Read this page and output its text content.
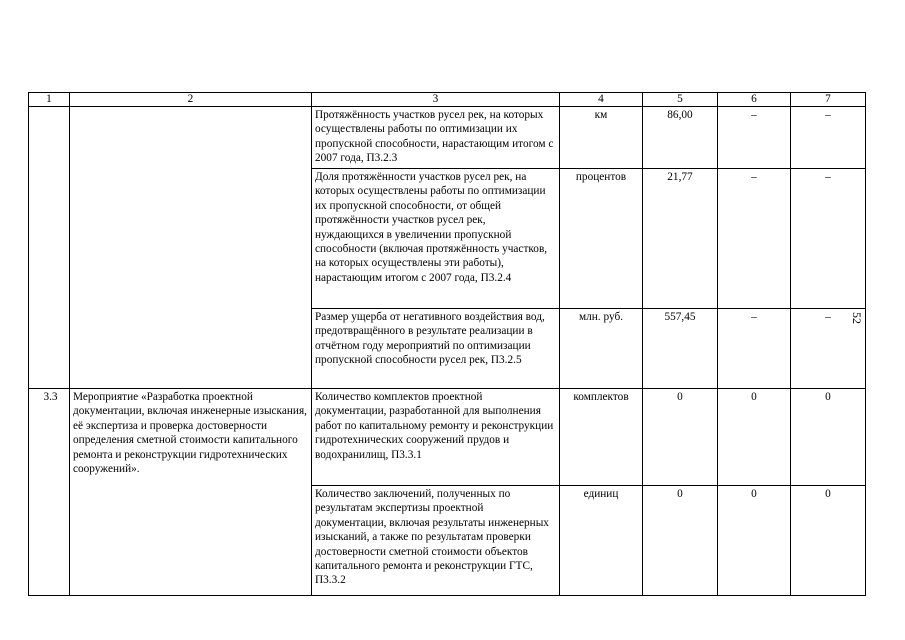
1	2	3	4	5	6	7
		Протяжённость участков русел рек, на которых осуществлены работы по оптимизации их пропускной способности, нарастающим итогом с 2007 года, П3.2.3	км	86,00	–	–
		Доля протяжённости участков русел рек, на которых осуществлены работы по оптимизации их пропускной способности, от общей протяжённости участков русел рек, нуждающихся в увеличении пропускной способности (включая протяжённость участков, на которых осуществлены эти работы), нарастающим итогом с 2007 года, П3.2.4	процентов	21,77	–	–
		Размер ущерба от негативного воздействия вод, предотвращённого в результате реализации в отчётном году мероприятий по оптимизации пропускной способности русел рек, П3.2.5	млн. руб.	557,45	–	–
3.3	Мероприятие «Разработка проектной документации, включая инженерные изыскания, её экспертиза и проверка достоверности определения сметной стоимости капитального ремонта и реконструкции гидротехнических сооружений».	Количество комплектов проектной документации, разработанной для выполнения работ по капитальному ремонту и реконструкции гидротехнических сооружений прудов и водохранилищ, П3.3.1	комплектов	0	0	0
		Количество заключений, полученных по результатам экспертизы проектной документации, включая результаты инженерных изысканий, а также по результатам проверки достоверности сметной стоимости объектов капитального ремонта и реконструкции ГТС, П3.3.2	единиц	0	0	0
52
